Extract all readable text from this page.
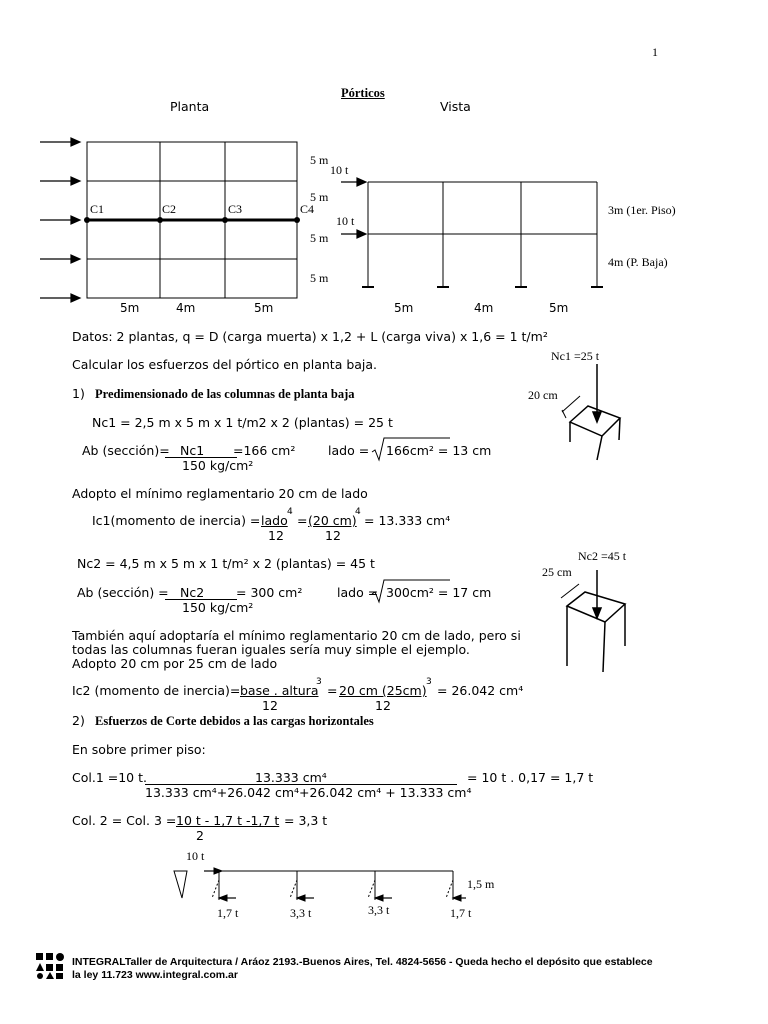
1
Pórticos
Planta	Vista
C1	C2	C3	C4
5 m
5 m
5 m
5 m
5m	4m	5m
10 t
10 t
3m (1er. Piso)
4m (P. Baja)
5m	4m	5m
Datos: 2 plantas, q = D (carga muerta) x 1,2 + L (carga viva) x 1,6 = 1 t/m²
Calcular los esfuerzos del pórtico en planta baja.
1) Predimensionado de las columnas de planta baja
Nc1 = 2,5 m x 5 m x 1 t/m2 x 2 (plantas) = 25 t
Ab (sección)= Nc1 =166 cm²
150 kg/cm²
lado = 166cm² = 13 cm
Adopto el mínimo reglamentario 20 cm de lado
Ic1(momento de inercia) = lado
4
= (20 cm)
4
= 13.333 cm⁴
12	12
Nc2 = 4,5 m x 5 m x 1 t/m² x 2 (plantas) = 45 t
Ab (sección) = Nc2	= 300 cm²
150 kg/cm²
lado = 300cm² = 17 cm
También aquí adoptaría el mínimo reglamentario 20 cm de lado, pero si
todas las columnas fueran iguales sería muy simple el ejemplo.
Adopto 20 cm por 25 cm de lado
Ic2 (momento de inercia)= base . altura
3
= 20 cm (25cm)
3
= 26.042 cm⁴
12	12
2) Esfuerzos de Corte debidos a las cargas horizontales
En sobre primer piso:
Col.1 =10 t.	13.333 cm⁴	= 10 t . 0,17 = 1,7 t
13.333 cm⁴+26.042 cm⁴+26.042 cm⁴ + 13.333 cm⁴
Col. 2 = Col. 3 = 10 t - 1,7 t -1,7 t = 3,3 t
2
Nc1 =25 t
20 cm
Nc2 =45 t
25 cm
10 t
1,5 m
1,7 t	3,3 t	3,3 t	1,7 t
INTEGRALTaller de Arquitectura / Aráoz 2193.-Buenos Aires, Tel. 4824-5656 - Queda hecho el depósito que establece
la ley 11.723 www.integral.com.ar
